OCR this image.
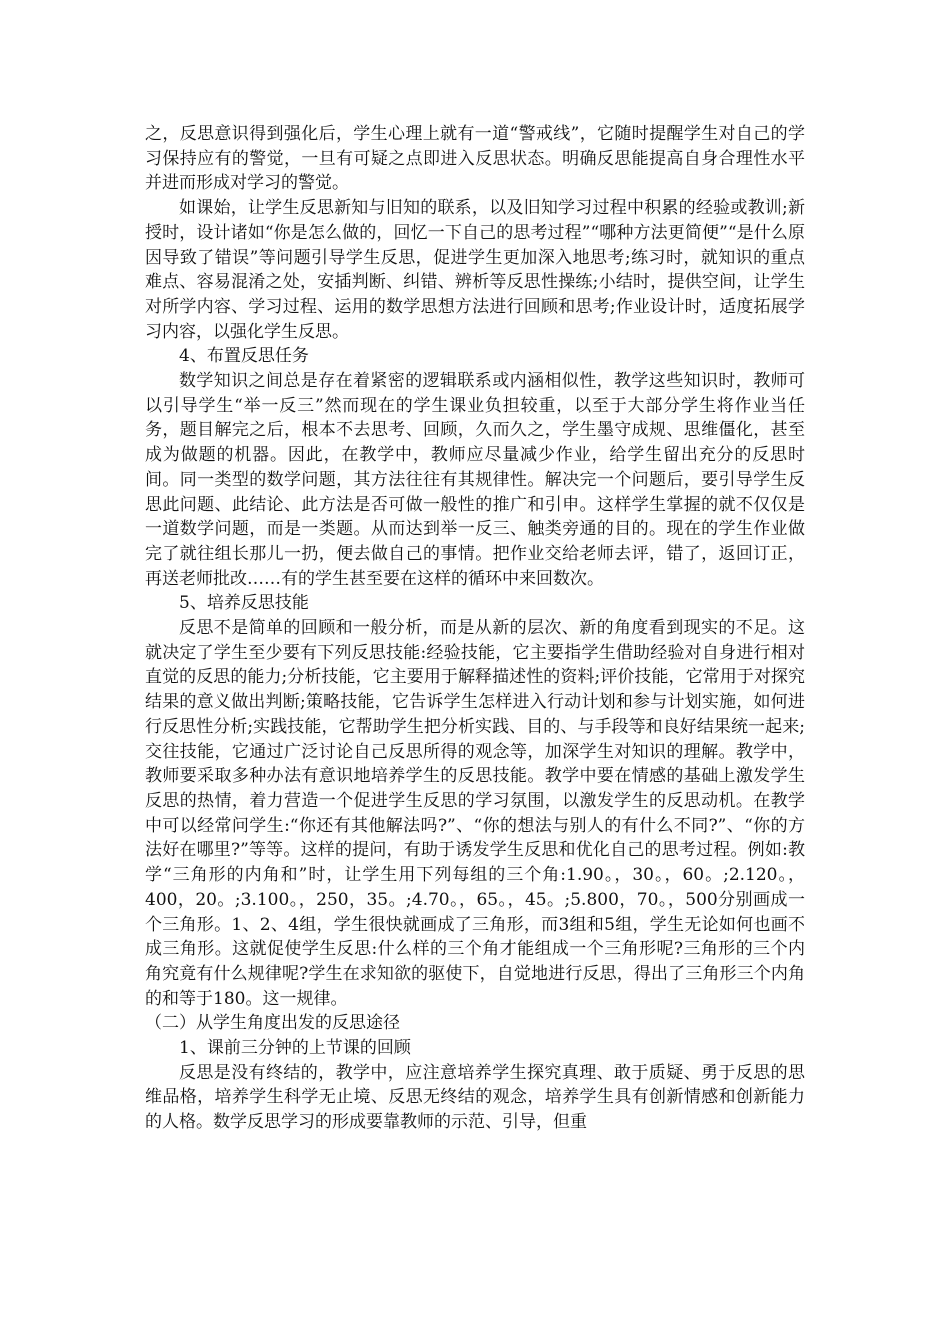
之，反思意识得到强化后，学生心理上就有一道“警戒线”，它随时提醒学生对自己的学习保持应有的警觉，一旦有可疑之点即进入反思状态。明确反思能提高自身合理性水平并进而形成对学习的警觉。

如课始，让学生反思新知与旧知的联系，以及旧知学习过程中积累的经验或教训;新授时，设计诸如“你是怎么做的，回忆一下自己的思考过程”“哪种方法更简便”“是什么原因导致了错误”等问题引导学生反思，促进学生更加深入地思考;练习时，就知识的重点难点、容易混淆之处，安插判断、纠错、辨析等反思性操练;小结时，提供空间，让学生对所学内容、学习过程、运用的数学思想方法进行回顾和思考;作业设计时，适度拓展学习内容，以强化学生反思。

4、布置反思任务

数学知识之间总是存在着紧密的逻辑联系或内涵相似性，教学这些知识时，教师可以引导学生“举一反三”然而现在的学生课业负担较重，以至于大部分学生将作业当任务，题目解完之后，根本不去思考、回顾，久而久之，学生墨守成规、思维僵化，甚至成为做题的机器。因此，在教学中，教师应尽量减少作业，给学生留出充分的反思时间。同一类型的数学问题，其方法往往有其规律性。解决完一个问题后，要引导学生反思此问题、此结论、此方法是否可做一般性的推广和引申。这样学生掌握的就不仅仅是一道数学问题，而是一类题。从而达到举一反三、触类旁通的目的。现在的学生作业做完了就往组长那儿一扔，便去做自己的事情。把作业交给老师去评，错了，返回订正，再送老师批改……有的学生甚至要在这样的循环中来回数次。

5、培养反思技能

反思不是简单的回顾和一般分析，而是从新的层次、新的角度看到现实的不足。这就决定了学生至少要有下列反思技能:经验技能，它主要指学生借助经验对自身进行相对直觉的反思的能力;分析技能，它主要用于解释描述性的资料;评价技能，它常用于对探究结果的意义做出判断;策略技能，它告诉学生怎样进入行动计划和参与计划实施，如何进行反思性分析;实践技能，它帮助学生把分析实践、目的、与手段等和良好结果统一起来;交往技能，它通过广泛讨论自己反思所得的观念等，加深学生对知识的理解。教学中，教师要采取多种办法有意识地培养学生的反思技能。教学中要在情感的基础上激发学生反思的热情，着力营造一个促进学生反思的学习氛围，以激发学生的反思动机。在教学中可以经常问学生:“你还有其他解法吗?”、“你的想法与别人的有什么不同?”、“你的方法好在哪里?”等等。这样的提问，有助于诱发学生反思和优化自己的思考过程。例如:教学“三角形的内角和”时，让学生用下列每组的三个角:1.90。，30。，60。;2.120。，400，20。;3.100。，250，35。;4.70。，65。，45。;5.800，70。，500分别画成一个三角形。1、2、4组，学生很快就画成了三角形，而3组和5组，学生无论如何也画不成三角形。这就促使学生反思:什么样的三个角才能组成一个三角形呢?三角形的三个内角究竟有什么规律呢?学生在求知欲的驱使下，自觉地进行反思，得出了三角形三个内角的和等于180。这一规律。

（二）从学生角度出发的反思途径

1、课前三分钟的上节课的回顾

反思是没有终结的，教学中，应注意培养学生探究真理、敢于质疑、勇于反思的思维品格，培养学生科学无止境、反思无终结的观念，培养学生具有创新情感和创新能力的人格。数学反思学习的形成要靠教师的示范、引导，但重
